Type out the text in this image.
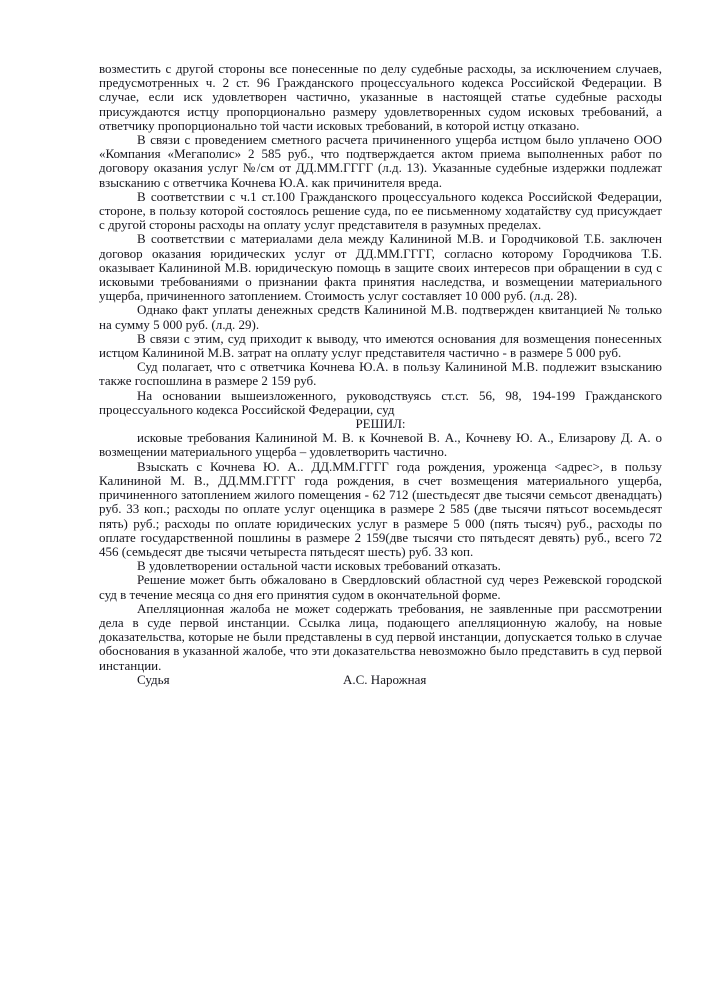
возместить с другой стороны все понесенные по делу судебные расходы, за исключением случаев, предусмотренных ч. 2 ст. 96 Гражданского процессуального кодекса Российской Федерации. В случае, если иск удовлетворен частично, указанные в настоящей статье судебные расходы присуждаются истцу пропорционально размеру удовлетворенных судом исковых требований, а ответчику пропорционально той части исковых требований, в которой истцу отказано.

В связи с проведением сметного расчета причиненного ущерба истцом было уплачено ООО «Компания «Мегаполис» 2 585 руб., что подтверждается актом приема выполненных работ по договору оказания услуг №/см от ДД.ММ.ГГГГ (л.д. 13). Указанные судебные издержки подлежат взысканию с ответчика Кочнева Ю.А. как причинителя вреда.

В соответствии с ч.1 ст.100 Гражданского процессуального кодекса Российской Федерации, стороне, в пользу которой состоялось решение суда, по ее письменному ходатайству суд присуждает с другой стороны расходы на оплату услуг представителя в разумных пределах.

В соответствии с материалами дела между Калининой М.В. и Городчиковой Т.Б. заключен договор оказания юридических услуг от ДД.ММ.ГГГГ, согласно которому Городчикова Т.Б. оказывает Калининой М.В. юридическую помощь в защите своих интересов при обращении в суд с исковыми требованиями о признании факта принятия наследства, и возмещении материального ущерба, причиненного затоплением. Стоимость услуг составляет 10 000 руб. (л.д. 28).

Однако факт уплаты денежных средств Калининой М.В. подтвержден квитанцией № только на сумму 5 000 руб. (л.д. 29).

В связи с этим, суд приходит к выводу, что имеются основания для возмещения понесенных истцом Калининой М.В. затрат на оплату услуг представителя частично - в размере 5 000 руб.

Суд полагает, что с ответчика Кочнева Ю.А. в пользу Калининой М.В. подлежит взысканию также госпошлина в размере 2 159 руб.

На основании вышеизложенного, руководствуясь ст.ст. 56, 98, 194-199 Гражданского процессуального кодекса Российской Федерации, суд

РЕШИЛ:

исковые требования Калининой М. В. к Кочневой В. А., Кочневу Ю. А., Елизарову Д. А. о возмещении материального ущерба – удовлетворить частично.

Взыскать с Кочнева Ю. А.. ДД.ММ.ГГГГ года рождения, уроженца <адрес>, в пользу Калининой М. В., ДД.ММ.ГГГГ года рождения, в счет возмещения материального ущерба, причиненного затоплением жилого помещения - 62 712 (шестьдесят две тысячи семьсот двенадцать) руб. 33 коп.; расходы по оплате услуг оценщика в размере 2 585 (две тысячи пятьсот восемьдесят пять) руб.; расходы по оплате юридических услуг в размере 5 000 (пять тысяч) руб., расходы по оплате государственной пошлины в размере 2 159(две тысячи сто пятьдесят девять) руб., всего 72 456 (семьдесят две тысячи четыреста пятьдесят шесть) руб. 33 коп.

В удовлетворении остальной части исковых требований отказать.

Решение может быть обжаловано в Свердловский областной суд через Режевской городской суд в течение месяца со дня его принятия судом в окончательной форме.

Апелляционная жалоба не может содержать требования, не заявленные при рассмотрении дела в суде первой инстанции. Ссылка лица, подающего апелляционную жалобу, на новые доказательства, которые не были представлены в суд первой инстанции, допускается только в случае обоснования в указанной жалобе, что эти доказательства невозможно было представить в суд первой инстанции.

Судья	А.С. Нарожная
